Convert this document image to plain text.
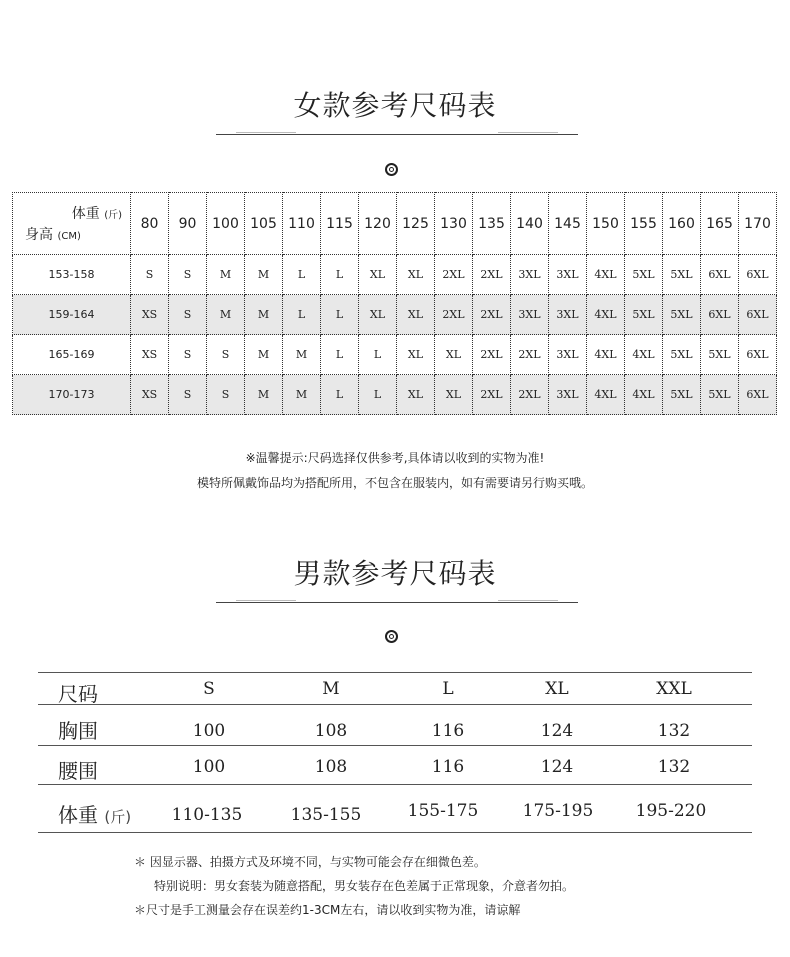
女款参考尺码表
体重 (斤)
身高 (CM)	80	90	100	105	110	115	120	125	130	135	140	145	150	155	160	165	170
153-158	S	S	M	M	L	L	XL	XL	2XL	2XL	3XL	3XL	4XL	5XL	5XL	6XL	6XL
159-164	XS	S	M	M	L	L	XL	XL	2XL	2XL	3XL	3XL	4XL	5XL	5XL	6XL	6XL
165-169	XS	S	S	M	M	L	L	XL	XL	2XL	2XL	3XL	4XL	4XL	5XL	5XL	6XL
170-173	XS	S	S	M	M	L	L	XL	XL	2XL	2XL	3XL	4XL	4XL	5XL	5XL	6XL
※温馨提示:尺码选择仅供参考,具体请以收到的实物为准!
模特所佩戴饰品均为搭配所用，不包含在服装内，如有需要请另行购买哦。
男款参考尺码表
尺码	S	M	L	XL	XXL
胸围	100	108	116	124	132
腰围	100	108	116	124	132
体重 (斤)	110-135	135-155	155-175	175-195	195-220
＊ 因显示器、拍摄方式及环境不同，与实物可能会存在细微色差。
特别说明：男女套装为随意搭配，男女装存在色差属于正常现象，介意者勿拍。
＊尺寸是手工测量会存在误差约1-3CM左右，请以收到实物为准，请谅解
